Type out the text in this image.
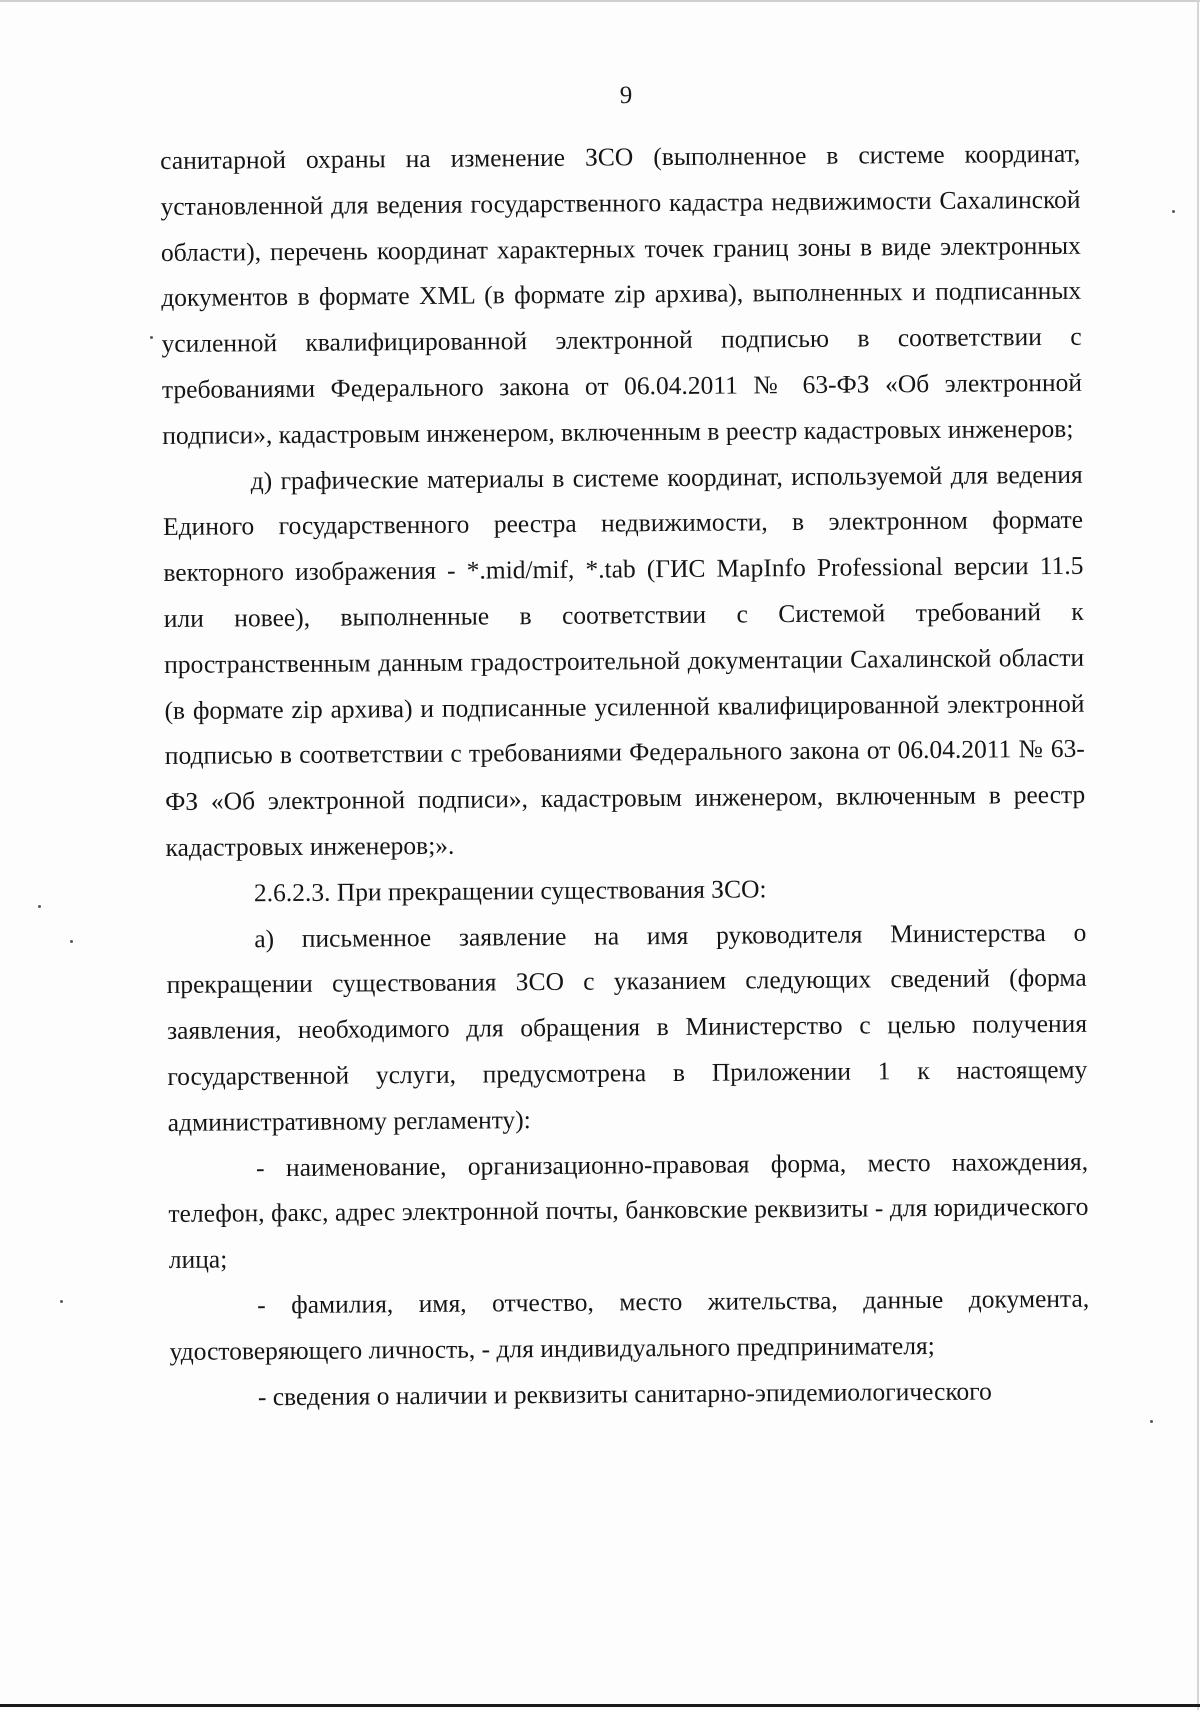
9

санитарной охраны на изменение ЗСО (выполненное в системе координат, установленной для ведения государственного кадастра недвижимости Сахалинской области), перечень координат характерных точек границ зоны в виде электронных документов в формате XML (в формате zip архива), выполненных и подписанных усиленной квалифицированной электронной подписью в соответствии с требованиями Федерального закона от 06.04.2011 № 63-ФЗ «Об электронной подписи», кадастровым инженером, включенным в реестр кадастровых инженеров;

д) графические материалы в системе координат, используемой для ведения Единого государственного реестра недвижимости, в электронном формате векторного изображения - *.mid/mif, *.tab (ГИС MapInfo Professional версии 11.5 или новее), выполненные в соответствии с Системой требований к пространственным данным градостроительной документации Сахалинской области (в формате zip архива) и подписанные усиленной квалифицированной электронной подписью в соответствии с требованиями Федерального закона от 06.04.2011 № 63-ФЗ «Об электронной подписи», кадастровым инженером, включенным в реестр кадастровых инженеров;».

2.6.2.3. При прекращении существования ЗСО:

а) письменное заявление на имя руководителя Министерства о прекращении существования ЗСО с указанием следующих сведений (форма заявления, необходимого для обращения в Министерство с целью получения государственной услуги, предусмотрена в Приложении 1 к настоящему административному регламенту):

- наименование, организационно-правовая форма, место нахождения, телефон, факс, адрес электронной почты, банковские реквизиты - для юридического лица;

- фамилия, имя, отчество, место жительства, данные документа, удостоверяющего личность, - для индивидуального предпринимателя;

- сведения о наличии и реквизиты санитарно-эпидемиологического
